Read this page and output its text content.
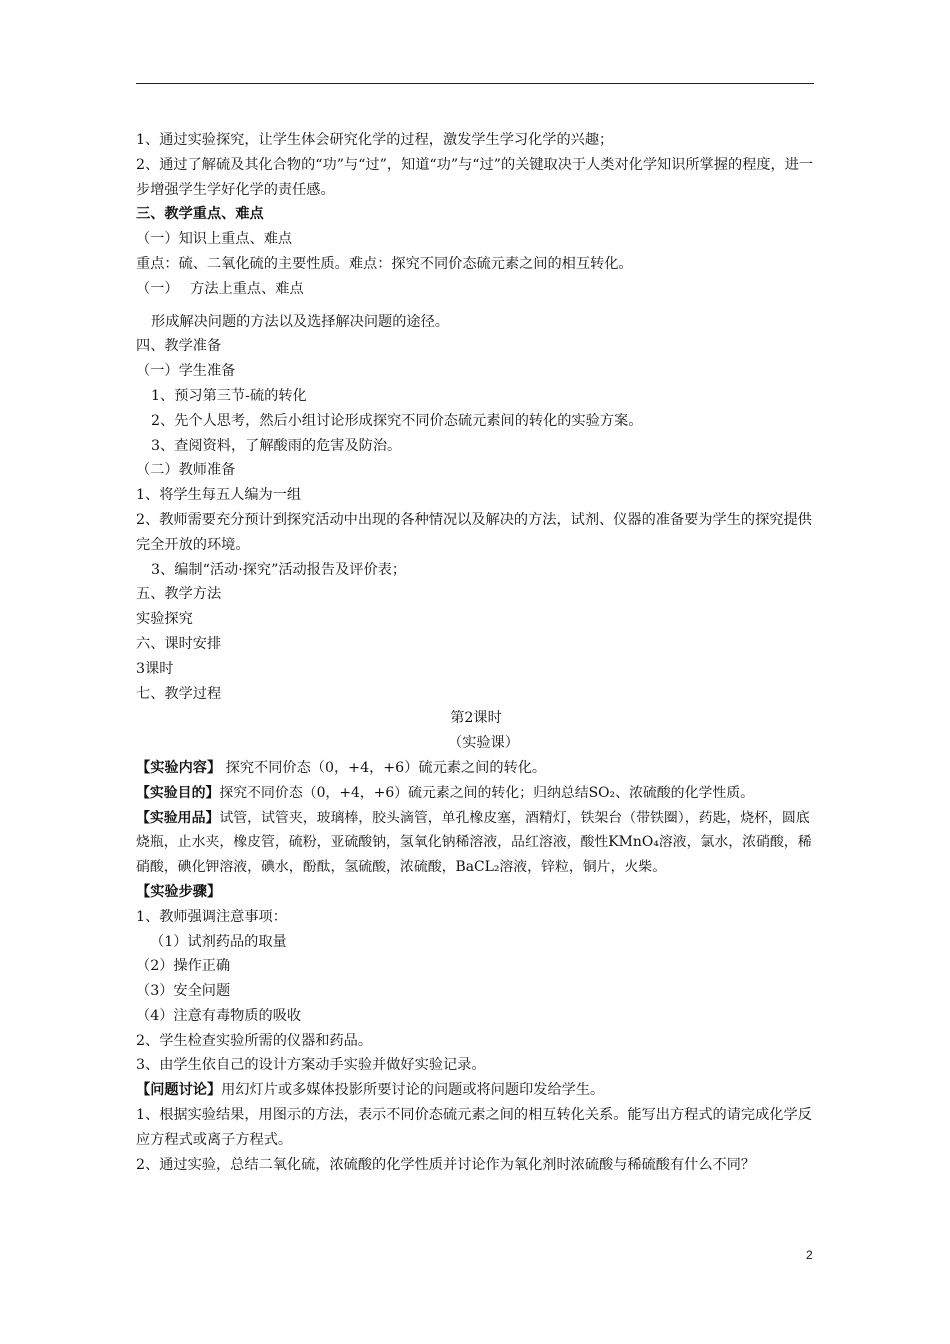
1、通过实验探究，让学生体会研究化学的过程，激发学生学习化学的兴趣；
2、通过了解硫及其化合物的“功”与“过”，知道“功”与“过”的关键取决于人类对化学知识所掌握的程度，进一步增强学生学好化学的责任感。
三、教学重点、难点
（一）知识上重点、难点
重点：硫、二氧化硫的主要性质。难点：探究不同价态硫元素之间的相互转化。
（一）　 方法上重点、难点
形成解决问题的方法以及选择解决问题的途径。
四、教学准备
（一）学生准备
1、预习第三节-硫的转化
2、先个人思考，然后小组讨论形成探究不同价态硫元素间的转化的实验方案。
3、查阅资料，了解酸雨的危害及防治。
（二）教师准备
1、将学生每五人编为一组
2、教师需要充分预计到探究活动中出现的各种情况以及解决的方法，试剂、仪器的准备要为学生的探究提供完全开放的环境。
3、编制“活动·探究”活动报告及评价表；
五、教学方法
实验探究
六、课时安排
3课时
七、教学过程
第2课时
（实验课）
【实验内容】 探究不同价态（0，+4，+6）硫元素之间的转化。
【实验目的】探究不同价态（0，+4，+6）硫元素之间的转化；归纳总结SO₂、浓硫酸的化学性质。
【实验用品】试管，试管夹，玻璃棒，胶头滴管，单孔橡皮塞，酒精灯，铁架台（带铁圈），药匙，烧杯，圆底烧瓶，止水夹，橡皮管，硫粉，亚硫酸钠，氢氧化钠稀溶液，品红溶液，酸性KMnO₄溶液，氯水，浓硝酸，稀硝酸，碘化钾溶液，碘水，酚酞，氢硫酸，浓硫酸，BaCL₂溶液，锌粒，铜片，火柴。
【实验步骤】
1、教师强调注意事项：
（1）试剂药品的取量
（2）操作正确
（3）安全问题
（4）注意有毒物质的吸收
2、学生检查实验所需的仪器和药品。
3、由学生依自己的设计方案动手实验并做好实验记录。
【问题讨论】用幻灯片或多媒体投影所要讨论的问题或将问题印发给学生。
1、根据实验结果，用图示的方法，表示不同价态硫元素之间的相互转化关系。能写出方程式的请完成化学反应方程式或离子方程式。
2、通过实验，总结二氧化硫，浓硫酸的化学性质并讨论作为氧化剂时浓硫酸与稀硫酸有什么不同？
2
